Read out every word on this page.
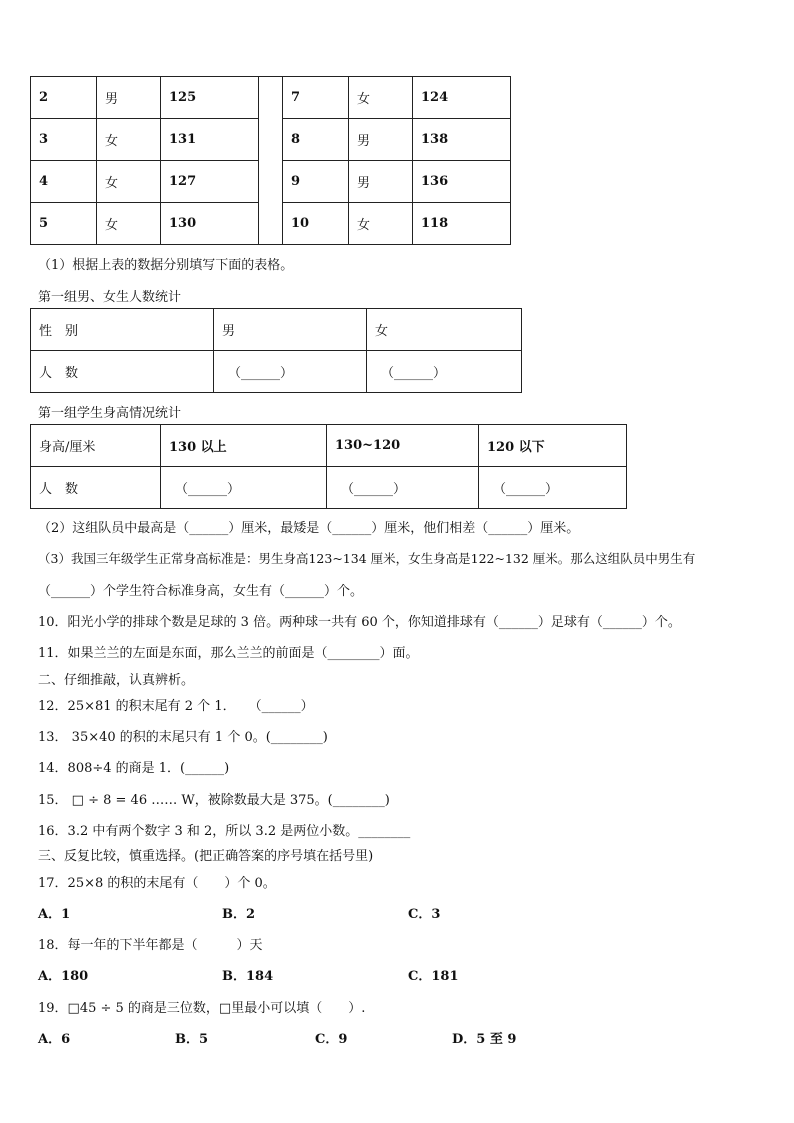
2	男	125		7	女	124
3	女	131		8	男	138
4	女	127		9	男	136
5	女	130		10	女	118
（1）根据上表的数据分别填写下面的表格。
第一组男、女生人数统计
性　别	男	女
人　数	（______）	（______）
第一组学生身高情况统计
身高/厘米	130 以上	130~120	120 以下
人　数	（______）	（______）	（______）
（2）这组队员中最高是（______）厘米，最矮是（______）厘米，他们相差（______）厘米。
（3）我国三年级学生正常身高标准是：男生身高123~134 厘米，女生身高是122~132 厘米。那么这组队员中男生有
（______）个学生符合标准身高，女生有（______）个。
10．阳光小学的排球个数是足球的 3 倍。两种球一共有 60 个，你知道排球有（______）足球有（______）个。
11．如果兰兰的左面是东面，那么兰兰的前面是（________）面。
二、仔细推敲，认真辨析。
12．25×81 的积末尾有 2 个 1．　　（______）
13． 35×40 的积的末尾只有 1 个 0。(________)
14．808÷4 的商是 1．(______)
15． □ ÷ 8 = 46 …… W，被除数最大是 375。(________)
16．3.2 中有两个数字 3 和 2，所以 3.2 是两位小数。________
三、反复比较，慎重选择。(把正确答案的序号填在括号里)
17．25×8 的积的末尾有（　　）个 0。
A．1	B．2	C．3
18．每一年的下半年都是（　　　）天
A．180	B．184	C．181
19．□45 ÷ 5 的商是三位数，□里最小可以填（　　）.
A．6	B．5	C．9	D．5 至 9
